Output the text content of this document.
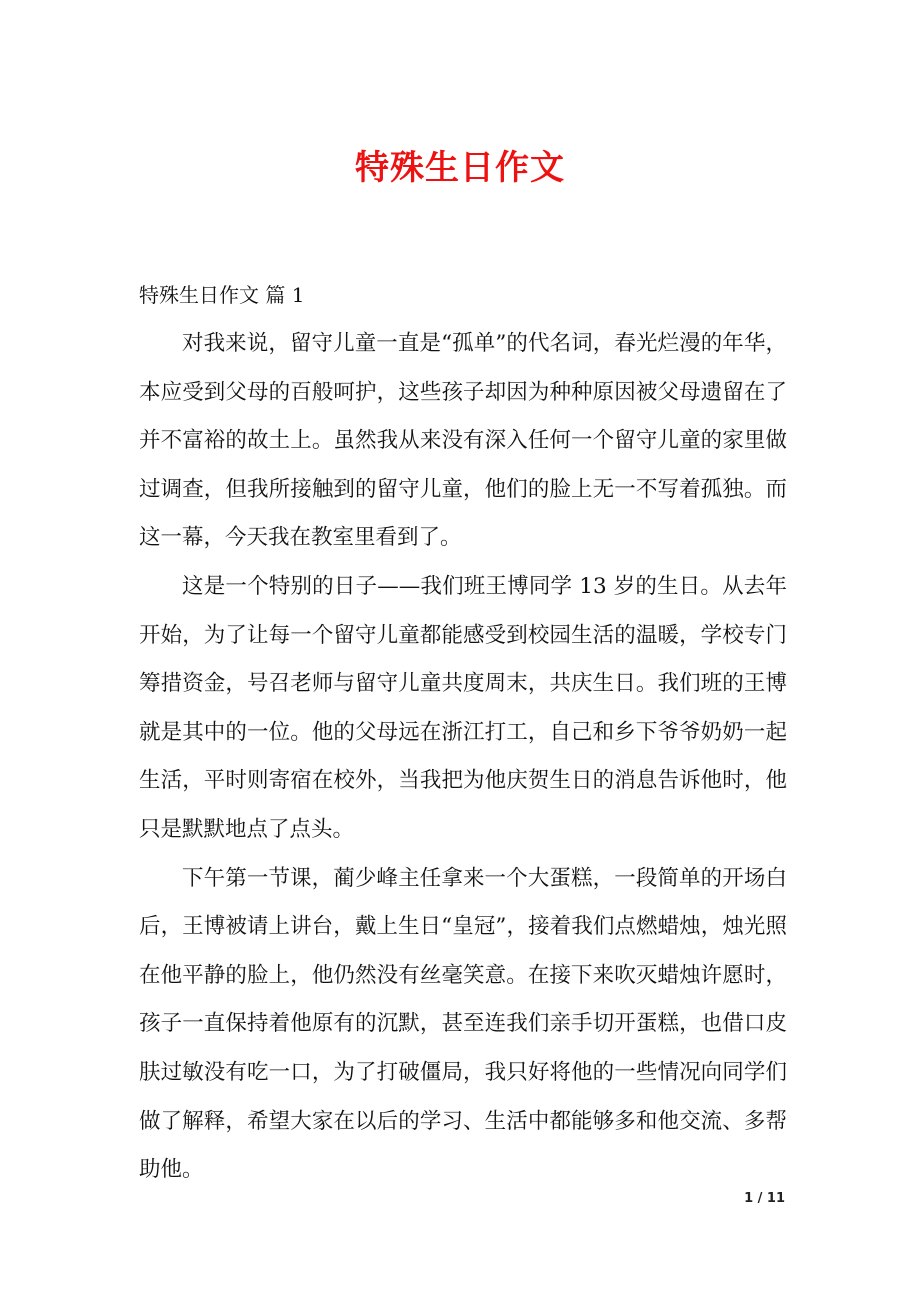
特殊生日作文
特殊生日作文 篇 1

对我来说，留守儿童一直是“孤单”的代名词，春光烂漫的年华，本应受到父母的百般呵护，这些孩子却因为种种原因被父母遗留在了并不富裕的故土上。虽然我从来没有深入任何一个留守儿童的家里做过调查，但我所接触到的留守儿童，他们的脸上无一不写着孤独。而这一幕，今天我在教室里看到了。

这是一个特别的日子——我们班王博同学 13 岁的生日。从去年开始，为了让每一个留守儿童都能感受到校园生活的温暖，学校专门筹措资金，号召老师与留守儿童共度周末，共庆生日。我们班的王博就是其中的一位。他的父母远在浙江打工，自己和乡下爷爷奶奶一起生活，平时则寄宿在校外，当我把为他庆贺生日的消息告诉他时，他只是默默地点了点头。

下午第一节课，蔺少峰主任拿来一个大蛋糕，一段简单的开场白后，王博被请上讲台，戴上生日“皇冠”，接着我们点燃蜡烛，烛光照在他平静的脸上，他仍然没有丝毫笑意。在接下来吹灭蜡烛许愿时，孩子一直保持着他原有的沉默，甚至连我们亲手切开蛋糕，也借口皮肤过敏没有吃一口，为了打破僵局，我只好将他的一些情况向同学们做了解释，希望大家在以后的学习、生活中都能够多和他交流、多帮助他。

1 / 11
